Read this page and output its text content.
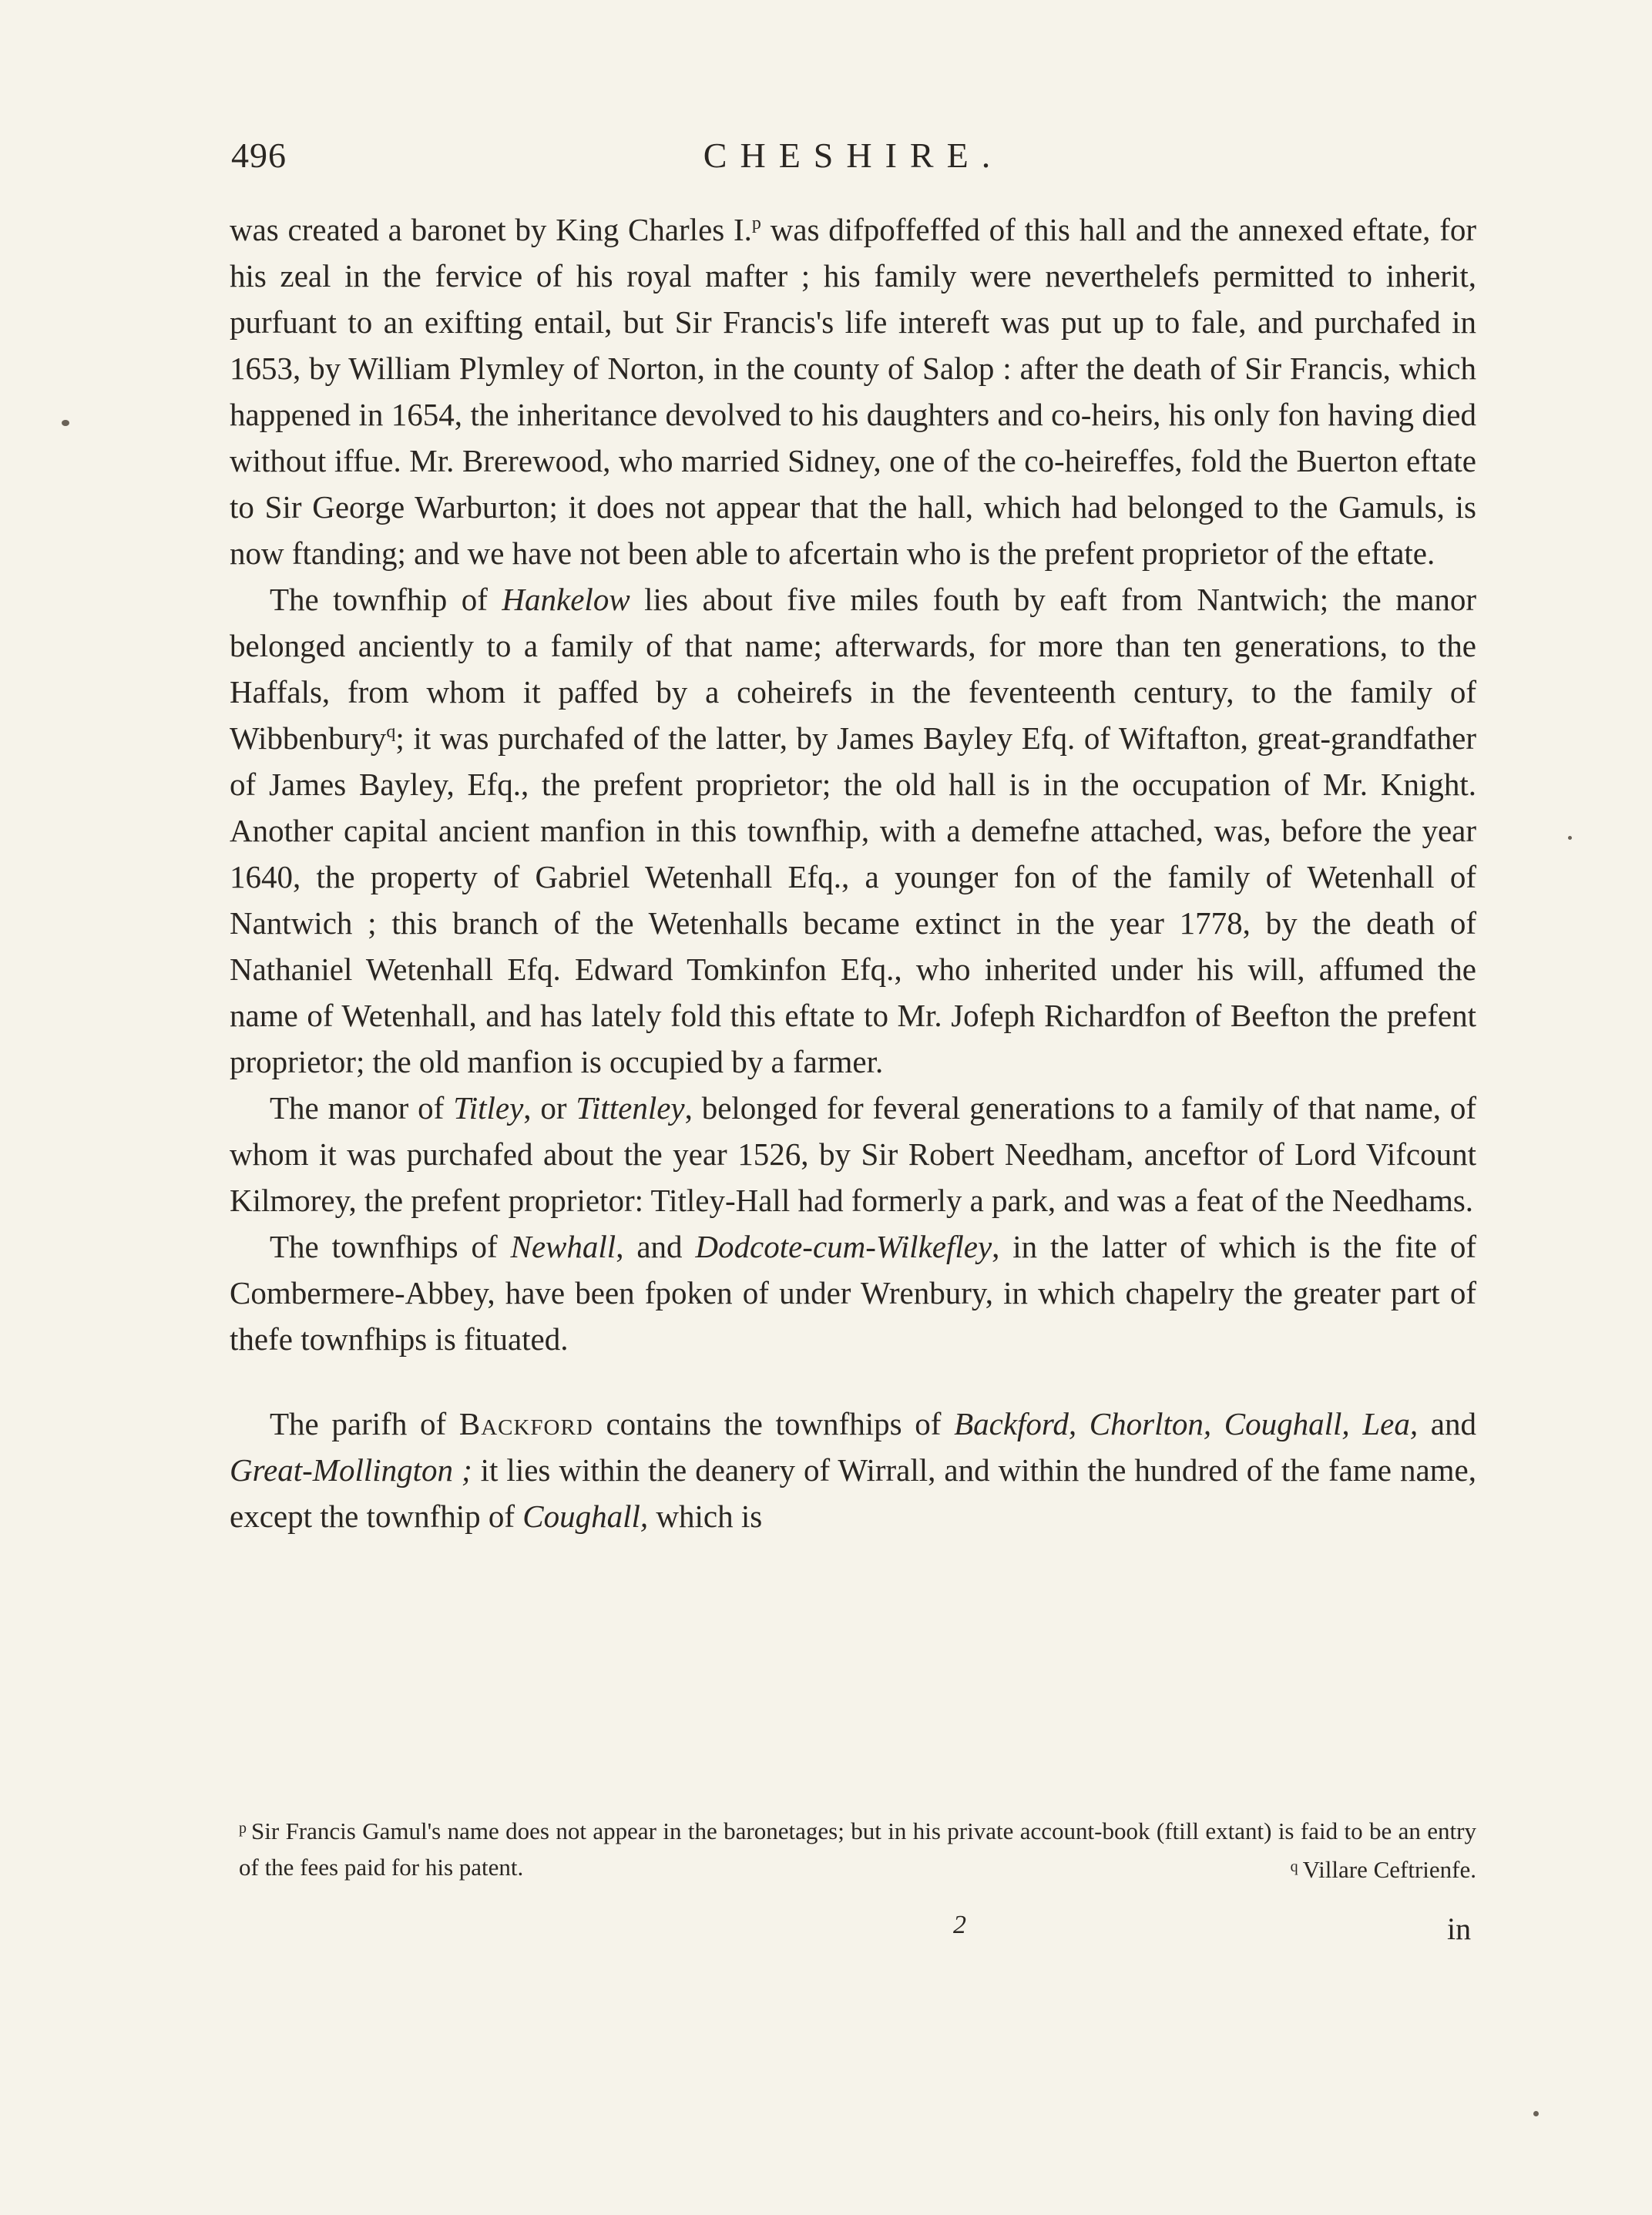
496	CHESHIRE.

was created a baronet by King Charles I.$^p$ was difpoffeffed of this hall and the annexed eftate, for his zeal in the fervice of his royal mafter ; his family were neverthelefs permitted to inherit, purfuant to an exifting entail, but Sir Francis's life intereft was put up to fale, and purchafed in 1653, by William Plymley of Norton, in the county of Salop : after the death of Sir Francis, which happened in 1654, the inheritance devolved to his daughters and co-heirs, his only fon having died without iffue. Mr. Brerewood, who married Sidney, one of the co-heireffes, fold the Buerton eftate to Sir George Warburton; it does not appear that the hall, which had belonged to the Gamuls, is now ftanding; and we have not been able to afcertain who is the prefent proprietor of the eftate.

The townfhip of Hankelow lies about five miles fouth by eaft from Nantwich; the manor belonged anciently to a family of that name; afterwards, for more than ten generations, to the Haffals, from whom it paffed by a coheirefs in the feventeenth century, to the family of Wibbenbury$^q$; it was purchafed of the latter, by James Bayley Efq. of Wiftafton, great-grandfather of James Bayley, Efq., the prefent proprietor; the old hall is in the occupation of Mr. Knight. Another capital ancient manfion in this townfhip, with a demefne attached, was, before the year 1640, the property of Gabriel Wetenhall Efq., a younger fon of the family of Wetenhall of Nantwich ; this branch of the Wetenhalls became extinct in the year 1778, by the death of Nathaniel Wetenhall Efq. Edward Tomkinfon Efq., who inherited under his will, affumed the name of Wetenhall, and has lately fold this eftate to Mr. Jofeph Richardfon of Beefton the prefent proprietor; the old manfion is occupied by a farmer.

The manor of Titley, or Tittenley, belonged for feveral generations to a family of that name, of whom it was purchafed about the year 1526, by Sir Robert Needham, anceftor of Lord Vifcount Kilmorey, the prefent proprietor: Titley-Hall had formerly a park, and was a feat of the Needhams.

The townfhips of Newhall, and Dodcote-cum-Wilkefley, in the latter of which is the fite of Combermere-Abbey, have been fpoken of under Wrenbury, in which chapelry the greater part of thefe townfhips is fituated.

The parifh of Backford contains the townfhips of Backford, Chorlton, Coughall, Lea, and Great-Mollington ; it lies within the deanery of Wirrall, and within the hundred of the fame name, except the townfhip of Coughall, which is

$^p$ Sir Francis Gamul's name does not appear in the baronetages; but in his private account-book (ftill extant) is faid to be an entry of the fees paid for his patent.	$^q$ Villare Ceftrienfe.

2	in
